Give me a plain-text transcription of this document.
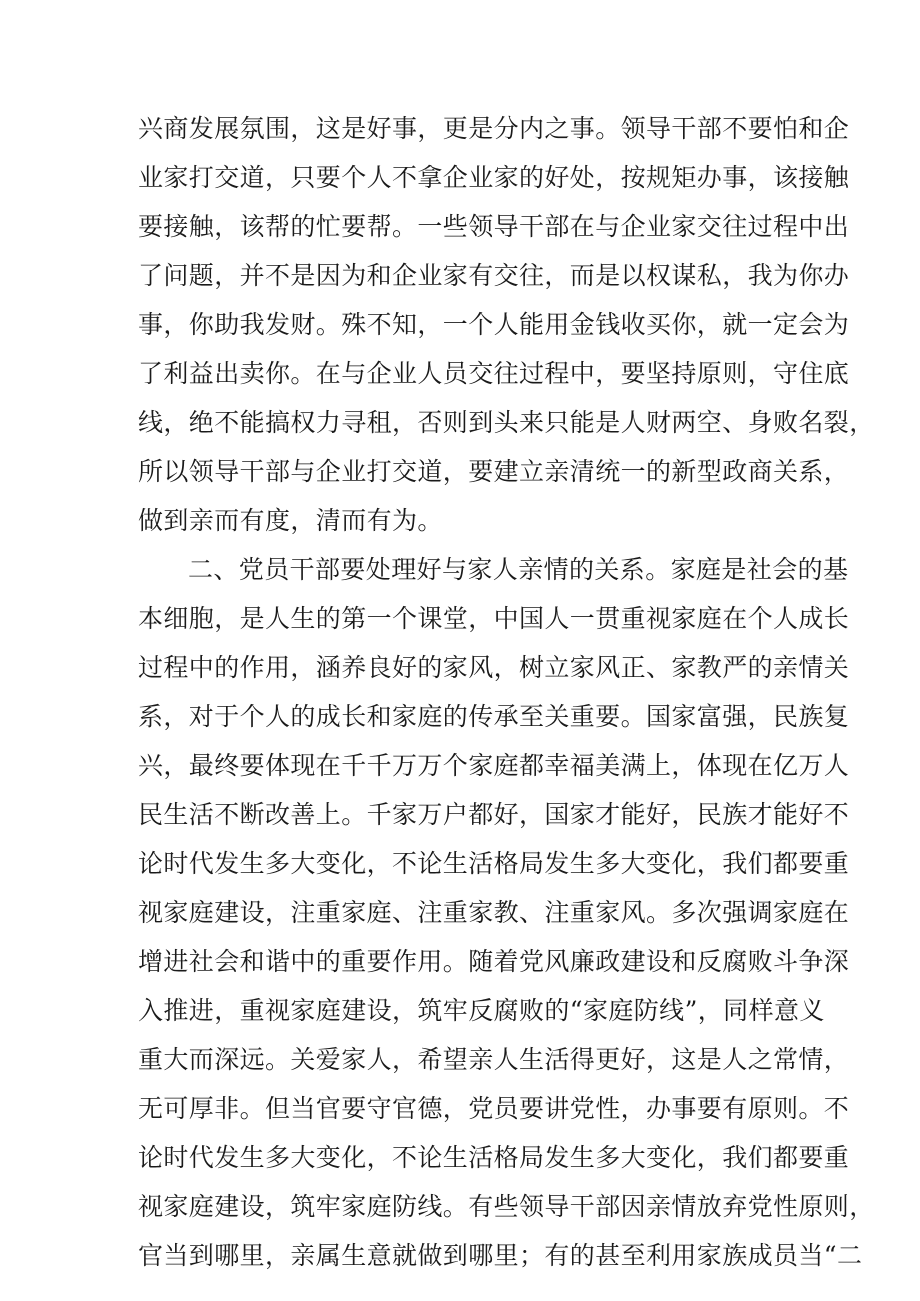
兴商发展氛围，这是好事，更是分内之事。领导干部不要怕和企
业家打交道，只要个人不拿企业家的好处，按规矩办事，该接触
要接触，该帮的忙要帮。一些领导干部在与企业家交往过程中出
了问题，并不是因为和企业家有交往，而是以权谋私，我为你办
事，你助我发财。殊不知，一个人能用金钱收买你，就一定会为
了利益出卖你。在与企业人员交往过程中，要坚持原则，守住底
线，绝不能搞权力寻租，否则到头来只能是人财两空、身败名裂，
所以领导干部与企业打交道，要建立亲清统一的新型政商关系，
做到亲而有度，清而有为。
二、党员干部要处理好与家人亲情的关系。家庭是社会的基
本细胞，是人生的第一个课堂，中国人一贯重视家庭在个人成长
过程中的作用，涵养良好的家风，树立家风正、家教严的亲情关
系，对于个人的成长和家庭的传承至关重要。国家富强，民族复
兴，最终要体现在千千万万个家庭都幸福美满上，体现在亿万人
民生活不断改善上。千家万户都好，国家才能好，民族才能好不
论时代发生多大变化，不论生活格局发生多大变化，我们都要重
视家庭建设，注重家庭、注重家教、注重家风。多次强调家庭在
增进社会和谐中的重要作用。随着党风廉政建设和反腐败斗争深
入推进，重视家庭建设，筑牢反腐败的“家庭防线”，同样意义
重大而深远。关爱家人，希望亲人生活得更好，这是人之常情，
无可厚非。但当官要守官德，党员要讲党性，办事要有原则。不
论时代发生多大变化，不论生活格局发生多大变化，我们都要重
视家庭建设，筑牢家庭防线。有些领导干部因亲情放弃党性原则，
官当到哪里，亲属生意就做到哪里；有的甚至利用家族成员当“二
